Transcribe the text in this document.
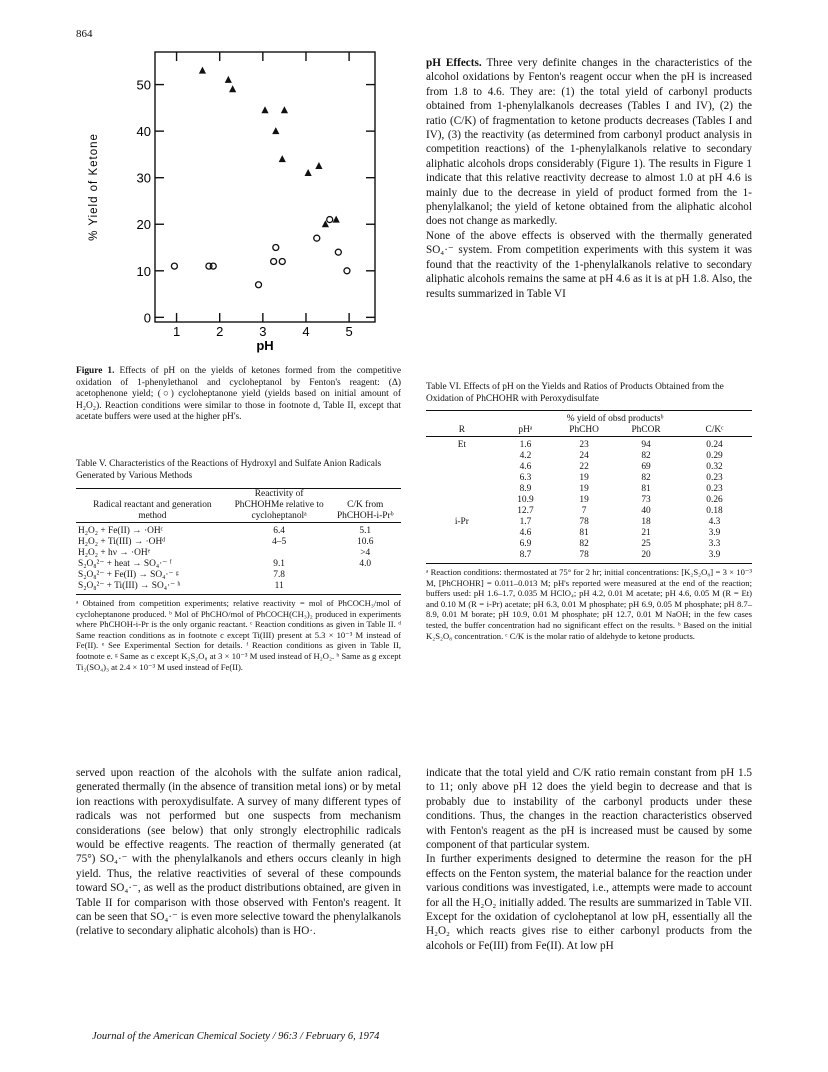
864
1	2	3	4	5
0
10
20
30
40
50
pH
% Yield of Ketone
Figure 1. Effects of pH on the yields of ketones formed from the competitive oxidation of 1-phenylethanol and cycloheptanol by Fenton's reagent: (Δ) acetophenone yield; (○) cycloheptanone yield (yields based on initial amount of H₂O₂). Reaction conditions were similar to those in footnote d, Table II, except that acetate buffers were used at the higher pH's.
Table V. Characteristics of the Reactions of Hydroxyl and Sulfate Anion Radicals Generated by Various Methods
Radical reactant and generation method	Reactivity of PhCHOHMe relative to cycloheptanolᵃ	C/K from PhCHOH-i-Prᵇ
H₂O₂ + Fe(II) → ·OHᶜ	6.4	5.1
H₂O₂ + Ti(III) → ·OHᵈ	4–5	10.6
H₂O₂ + hν → ·OHᵉ		>4
S₂O₈²⁻ + heat → SO₄·⁻ ᶠ	9.1	4.0
S₂O₈²⁻ + Fe(II) → SO₄·⁻ ᵍ	7.8	
S₂O₈²⁻ + Ti(III) → SO₄·⁻ ʰ	11	
ᵃ Obtained from competition experiments; relative reactivity = mol of PhCOCH₃/mol of cycloheptanone produced. ᵇ Mol of PhCHO/mol of PhCOCH(CH₃)₂ produced in experiments where PhCHOH-i-Pr is the only organic reactant. ᶜ Reaction conditions as given in Table II. ᵈ Same reaction conditions as in footnote c except Ti(III) present at 5.3 × 10⁻³ M instead of Fe(II). ᵉ See Experimental Section for details. ᶠ Reaction conditions as given in Table II, footnote e. ᵍ Same as c except K₂S₂O₈ at 3 × 10⁻³ M used instead of H₂O₂. ʰ Same as g except Ti₂(SO₄)₃ at 2.4 × 10⁻³ M used instead of Fe(II).

served upon reaction of the alcohols with the sulfate anion radical, generated thermally (in the absence of transition metal ions) or by metal ion reactions with peroxydisulfate. A survey of many different types of radicals was not performed but one suspects from mechanism considerations (see below) that only strongly electrophilic radicals would be effective reagents. The reaction of thermally generated (at 75°) SO₄·⁻ with the phenylalkanols and ethers occurs cleanly in high yield. Thus, the relative reactivities of several of these compounds toward SO₄·⁻, as well as the product distributions obtained, are given in Table II for comparison with those observed with Fenton's reagent. It can be seen that SO₄·⁻ is even more selective toward the phenylalkanols (relative to secondary aliphatic alcohols) than is HO·.

pH Effects. Three very definite changes in the characteristics of the alcohol oxidations by Fenton's reagent occur when the pH is increased from 1.8 to 4.6. They are: (1) the total yield of carbonyl products obtained from 1-phenylalkanols decreases (Tables I and IV), (2) the ratio (C/K) of fragmentation to ketone products decreases (Tables I and IV), (3) the reactivity (as determined from carbonyl product analysis in competition reactions) of the 1-phenylalkanols relative to secondary aliphatic alcohols drops considerably (Figure 1). The results in Figure 1 indicate that this relative reactivity decrease to almost 1.0 at pH 4.6 is mainly due to the decrease in yield of product formed from the 1-phenylalkanol; the yield of ketone obtained from the aliphatic alcohol does not change as markedly.

None of the above effects is observed with the thermally generated SO₄·⁻ system. From competition experiments with this system it was found that the reactivity of the 1-phenylalkanols relative to secondary aliphatic alcohols remains the same at pH 4.6 as it is at pH 1.8. Also, the results summarized in Table VI

Table VI. Effects of pH on the Yields and Ratios of Products Obtained from the Oxidation of PhCHOHR with Peroxydisulfate
		% yield of obsd productsᵇ		
R	pHᵃ	PhCHO	PhCOR	C/Kᶜ
Et	1.6	23	94	0.24
	4.2	24	82	0.29
	4.6	22	69	0.32
	6.3	19	82	0.23
	8.9	19	81	0.23
	10.9	19	73	0.26
	12.7	7	40	0.18
i-Pr	1.7	78	18	4.3
	4.6	81	21	3.9
	6.9	82	25	3.3
	8.7	78	20	3.9
ᵃ Reaction conditions: thermostated at 75° for 2 hr; initial concentrations: [K₂S₂O₈] = 3 × 10⁻³ M, [PhCHOHR] = 0.011–0.013 M; pH's reported were measured at the end of the reaction; buffers used: pH 1.6–1.7, 0.035 M HClO₄; pH 4.2, 0.01 M acetate; pH 4.6, 0.05 M (R = Et) and 0.10 M (R = i-Pr) acetate; pH 6.3, 0.01 M phosphate; pH 6.9, 0.05 M phosphate; pH 8.7–8.9, 0.01 M borate; pH 10.9, 0.01 M phosphate; pH 12.7, 0.01 M NaOH; in the few cases tested, the buffer concentration had no significant effect on the results. ᵇ Based on the initial K₂S₂O₈ concentration. ᶜ C/K is the molar ratio of aldehyde to ketone products.

indicate that the total yield and C/K ratio remain constant from pH 1.5 to 11; only above pH 12 does the yield begin to decrease and that is probably due to instability of the carbonyl products under these conditions. Thus, the changes in the reaction characteristics observed with Fenton's reagent as the pH is increased must be caused by some component of that particular system.

In further experiments designed to determine the reason for the pH effects on the Fenton system, the material balance for the reaction under various conditions was investigated, i.e., attempts were made to account for all the H₂O₂ initially added. The results are summarized in Table VII. Except for the oxidation of cycloheptanol at low pH, essentially all the H₂O₂ which reacts gives rise to either carbonyl products from the alcohols or Fe(III) from Fe(II). At low pH

Journal of the American Chemical Society / 96:3 / February 6, 1974
